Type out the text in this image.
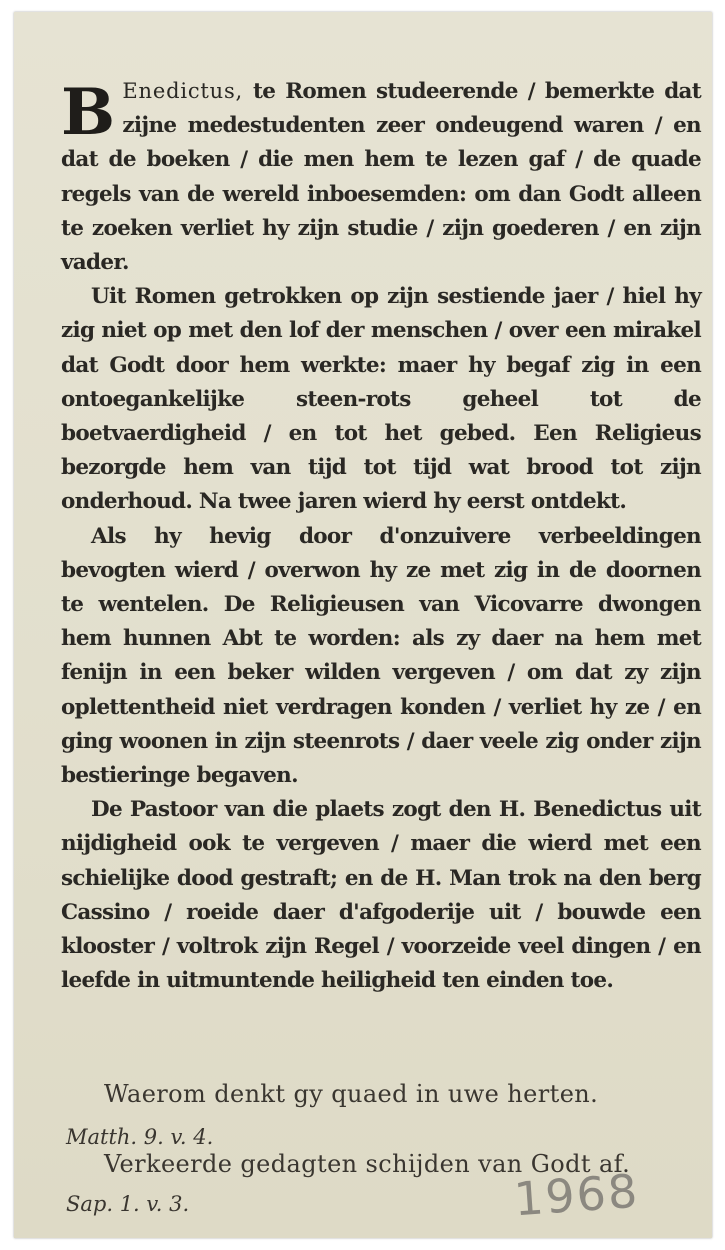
B Enedictus, te Romen studeerende / bemerkte dat zijne medestudenten zeer ondeugend waren / en dat de boeken / die men hem te lezen gaf / de quade regels van de wereld inboesemden: om dan Godt alleen te zoeken verliet hy zijn studie / zijn goederen / en zijn vader.

Uit Romen getrokken op zijn sestiende jaer / hiel hy zig niet op met den lof der menschen / over een mirakel dat Godt door hem werkte: maer hy begaf zig in een ontoegankelijke steen-rots geheel tot de boetvaerdigheid / en tot het gebed. Een Religieus bezorgde hem van tijd tot tijd wat brood tot zijn onderhoud. Na twee jaren wierd hy eerst ontdekt.

Als hy hevig door d'onzuivere verbeeldingen bevogten wierd / overwon hy ze met zig in de doornen te wentelen. De Religieusen van Vicovarre dwongen hem hunnen Abt te worden: als zy daer na hem met fenijn in een beker wilden vergeven / om dat zy zijn oplettentheid niet verdragen konden / verliet hy ze / en ging woonen in zijn steenrots / daer veele zig onder zijn bestieringe begaven.

De Pastoor van die plaets zogt den H. Benedictus uit nijdigheid ook te vergeven / maer die wierd met een schielijke dood gestraft; en de H. Man trok na den berg Cassino / roeide daer d'afgoderije uit / bouwde een klooster / voltrok zijn Regel / voorzeide veel dingen / en leefde in uitmuntende heiligheid ten einden toe.

Waerom denkt gy quaed in uwe herten.
Matth. 9. v. 4.
Verkeerde gedagten schijden van Godt af.
Sap. 1. v. 3.	1968
